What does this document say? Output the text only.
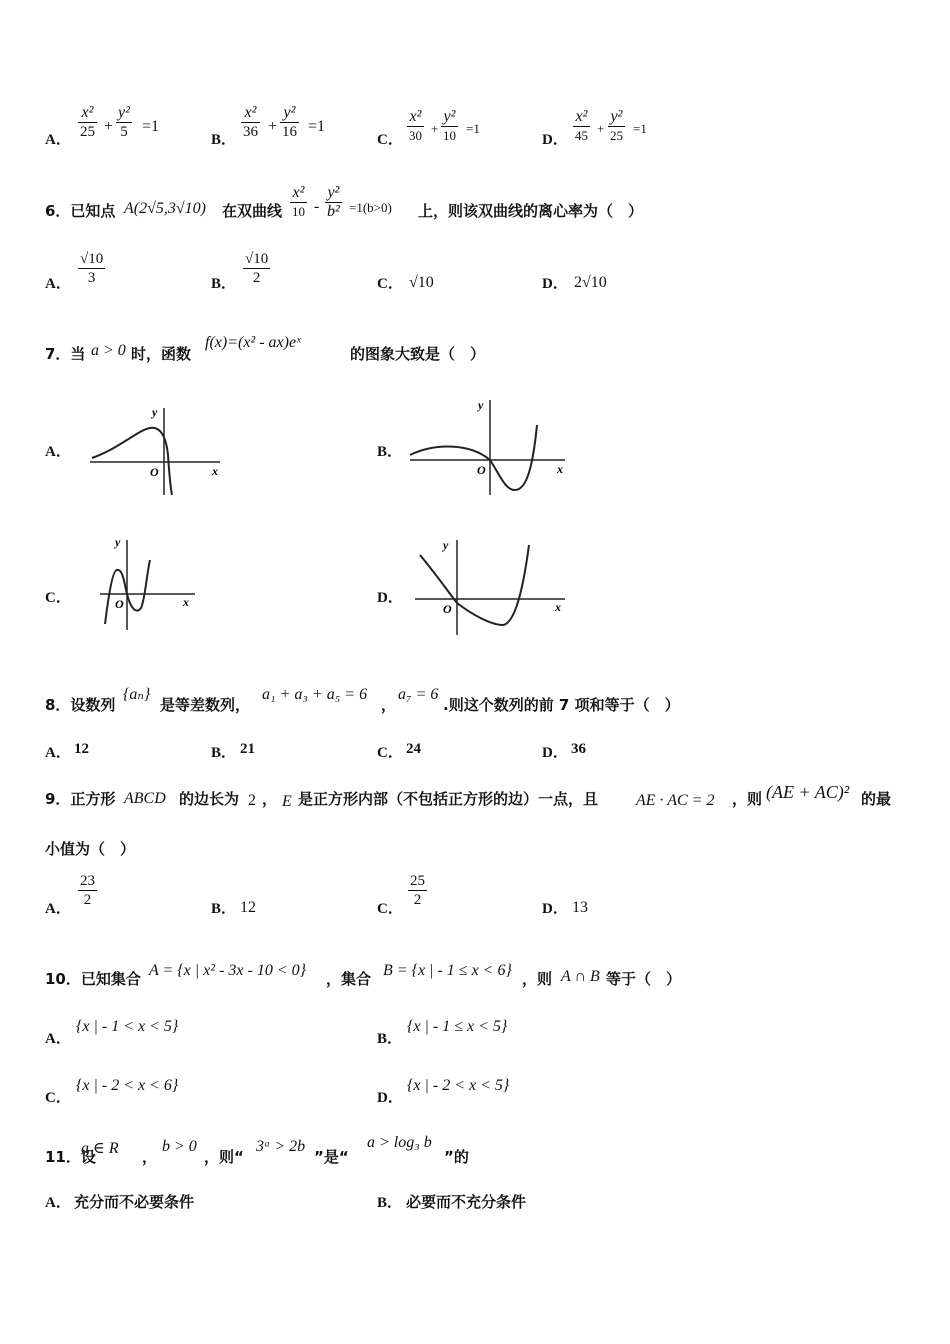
A． $\frac{\text{x²}}{25} + \frac{\text{y²}}{5} =1$
B． $\frac{\text{x²}}{36} + \frac{\text{y²}}{16} =1$
C．
x²
30 +
y²
10 =1
D．
x²
45 +
y²
25 =1
6．已知点 A(2√5,3√10) 在双曲线
x²
$10 - \frac{\text{y²}}{\text{b²}} =1(b>0)$ 上，则该双曲线的离心率为（　）
A． $\frac{√10}{3}$	B． $\frac{√10}{2}$	C． √10	D． 2√10
7．当 a > 0 时，函数
f(x)=(x² - ax)eˣ
的图象大致是（　）
A．	B．
C．	D．
y
x
O
y
x
O
y
x
O
y
x
O
8．设数列
{aₙ}
是等差数列，
a₁ + a₃ + a₅ = 6
，
a₇ = 6
.则这个数列的前 7 项和等于（　）
A． 12	B． 21	C． 24	D． 36
9．正方形 ABCD 的边长为 2 ， E 是正方形内部（不包括正方形的边）一点，且 AE · AC = 2 ，则 (AE + AC)² 的最
小值为（　）
A． $\frac{23}{2}$	B． 12	C． $\frac{25}{2}$	D． 13
10．已知集合 A = {x | x² - 3x - 10 < 0} ，集合 B = {x | - 1 ≤ x < 6} ，则 A ∩ B 等于（　）
A．
{x | - 1 < x < 5}
B．
{x | - 1 ≤ x < 5}
C．
{x | - 2 < x < 6}
D．
{x | - 2 < x < 5}
11．设
a ∈ R ，
b > 0
，则“
3ᵃ > 2b
”是“
a > log₃ b
”的
A． 充分而不必要条件	B． 必要而不充分条件
